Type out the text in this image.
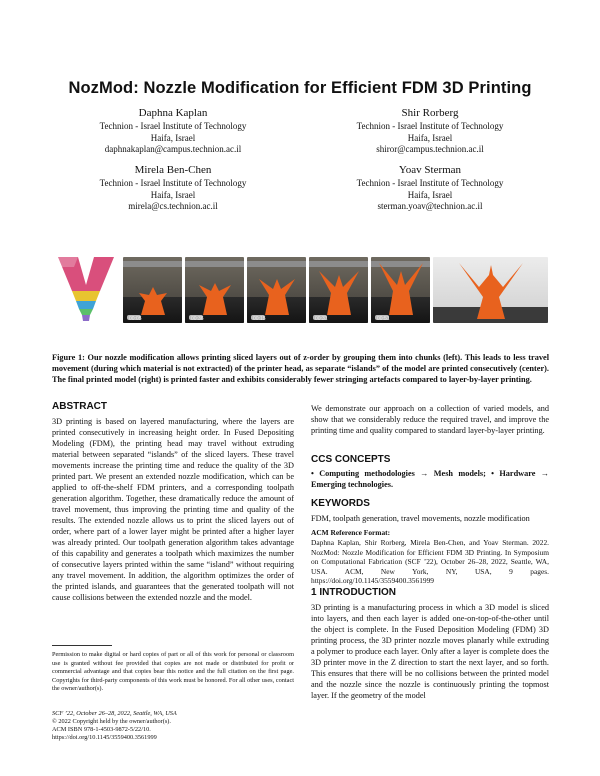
NozMod: Nozzle Modification for Efficient FDM 3D Printing
Daphna Kaplan
Technion - Israel Institute of Technology
Haifa, Israel
daphnakaplan@campus.technion.ac.il
Shir Rorberg
Technion - Israel Institute of Technology
Haifa, Israel
shiror@campus.technion.ac.il
Mirela Ben-Chen
Technion - Israel Institute of Technology
Haifa, Israel
mirela@cs.technion.ac.il
Yoav Sterman
Technion - Israel Institute of Technology
Haifa, Israel
sterman.yoav@technion.ac.il
00:05	00:36	00:15	00:31	00:51
Figure 1: Our nozzle modification allows printing sliced layers out of z-order by grouping them into chunks (left). This leads to less travel movement (during which material is not extracted) of the printer head, as separate “islands” of the model are printed consecutively (center). The final printed model (right) is printed faster and exhibits considerably fewer stringing artefacts compared to layer-by-layer printing.
ABSTRACT
3D printing is based on layered manufacturing, where the layers are printed consecutively in increasing height order. In Fused Depositing Modeling (FDM), the printing head may travel without extruding material between separated “islands” of the sliced layers. These travel movements increase the printing time and reduce the quality of the 3D printed part. We present an extended nozzle modification, which can be applied to off-the-shelf FDM printers, and a corresponding toolpath generation algorithm. Together, these dramatically reduce the amount of travel movement, thus improving the printing time and quality of the results. The extended nozzle allows us to print the sliced layers out of order, where part of a lower layer might be printed after a higher layer was already printed. Our toolpath generation algorithm takes advantage of this capability and generates a toolpath which maximizes the number of consecutive layers printed within the same “island” without requiring any travel movement. In addition, the algorithm optimizes the order of the printed islands, and guarantees that the generated toolpath will not cause collisions between the extended nozzle and the model.
Permission to make digital or hard copies of part or all of this work for personal or classroom use is granted without fee provided that copies are not made or distributed for profit or commercial advantage and that copies bear this notice and the full citation on the first page. Copyrights for third-party components of this work must be honored. For all other uses, contact the owner/author(s).
SCF ’22, October 26–28, 2022, Seattle, WA, USA
© 2022 Copyright held by the owner/author(s).
ACM ISBN 978-1-4503-9872-5/22/10.
https://doi.org/10.1145/3559400.3561999
We demonstrate our approach on a collection of varied models, and show that we considerably reduce the required travel, and improve the printing time and quality compared to standard layer-by-layer printing.
CCS CONCEPTS
• Computing methodologies → Mesh models; • Hardware → Emerging technologies.
KEYWORDS
FDM, toolpath generation, travel movements, nozzle modification
ACM Reference Format:
Daphna Kaplan, Shir Rorberg, Mirela Ben-Chen, and Yoav Sterman. 2022. NozMod: Nozzle Modification for Efficient FDM 3D Printing. In Symposium on Computational Fabrication (SCF ’22), October 26–28, 2022, Seattle, WA, USA. ACM, New York, NY, USA, 9 pages. https://doi.org/10.1145/3559400.3561999
1 INTRODUCTION
3D printing is a manufacturing process in which a 3D model is sliced into layers, and then each layer is added one-on-top-of-the-other until the object is complete. In the Fused Deposition Modeling (FDM) 3D printing process, the 3D printer nozzle moves planarly while extruding a polymer to produce each layer. Only after a layer is complete does the 3D printer move in the Z direction to start the next layer, and so forth. This ensures that there will be no collisions between the printed model and the nozzle since the nozzle is continuously printing the topmost layer. If the geometry of the model
